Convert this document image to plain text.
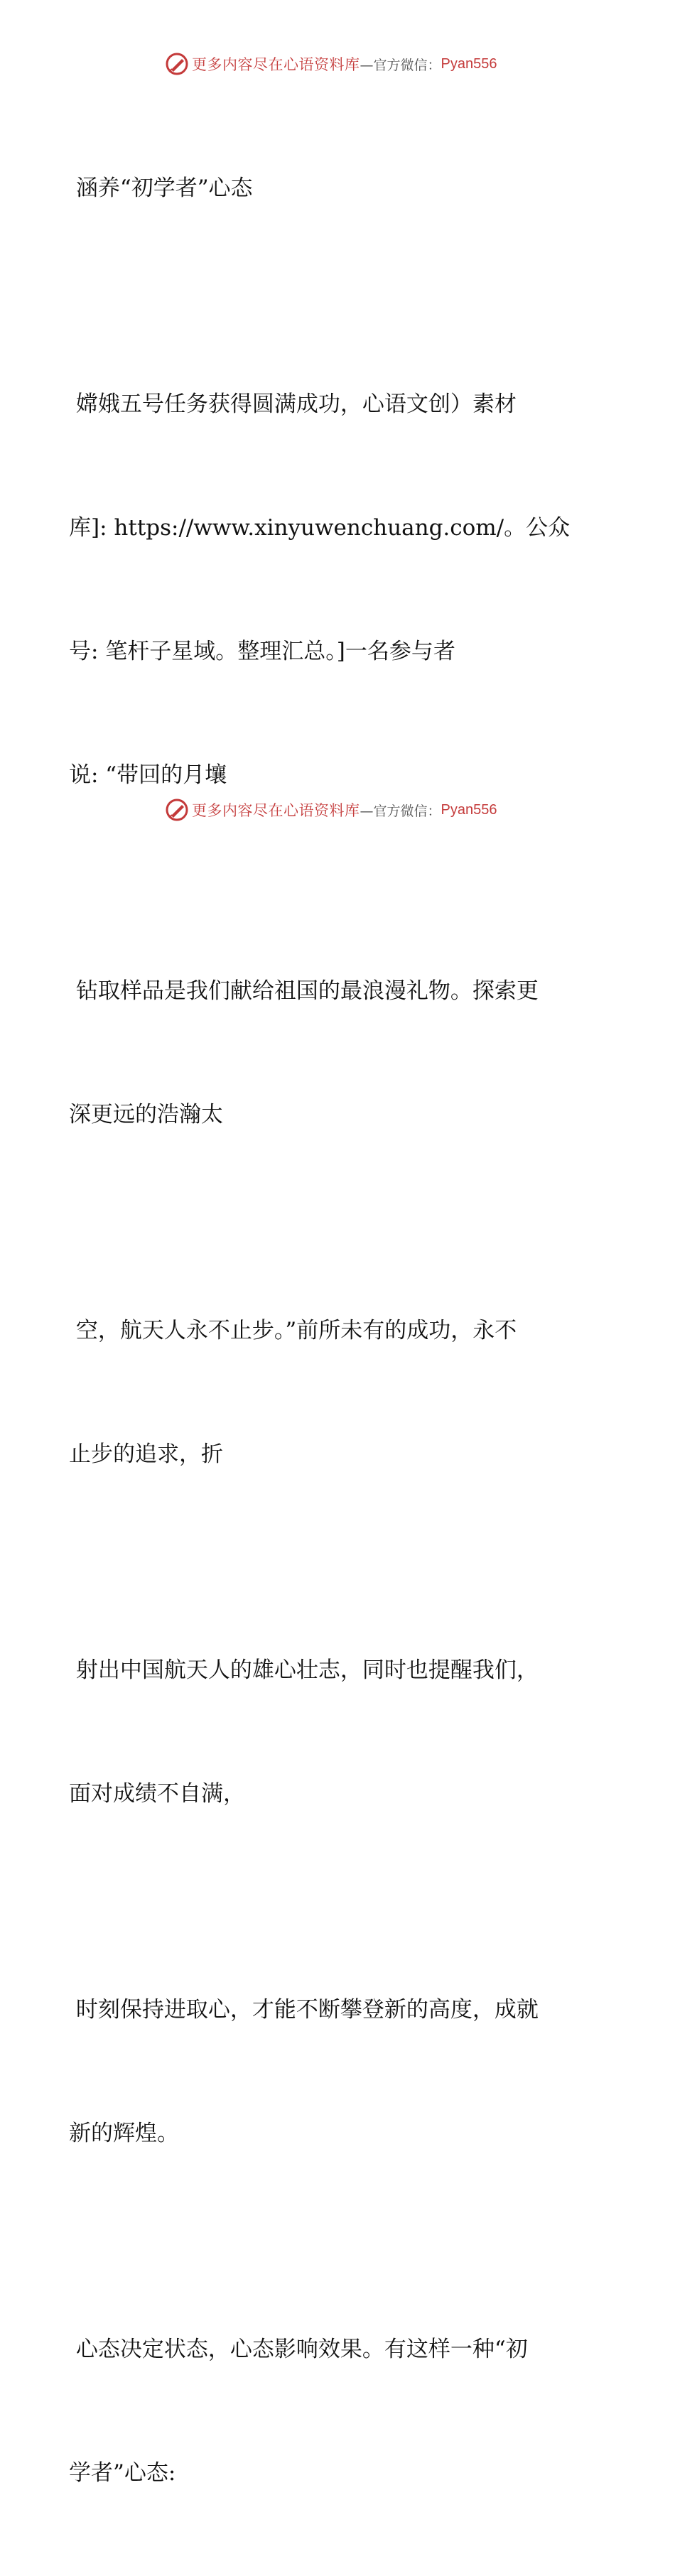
更多内容尽在心语资料库 —官方微信： Pyan556

涵养“初学者”心态

嫦娥五号任务获得圆满成功，心语文创）素材

库]: https://www.xinyuwenchuang.com/。公众

号: 笔杆子星域。整理汇总。]一名参与者

说: “带回的月壤

钻取样品是我们献给祖国的最浪漫礼物。探索更

深更远的浩瀚太

空，航天人永不止步。”前所未有的成功，永不

止步的追求，折

射出中国航天人的雄心壮志，同时也提醒我们，

面对成绩不自满，

时刻保持进取心，才能不断攀登新的高度，成就

新的辉煌。

心态决定状态，心态影响效果。有这样一种“初

学者”心态:

更多内容尽在心语资料库 —官方微信： Pyan556
